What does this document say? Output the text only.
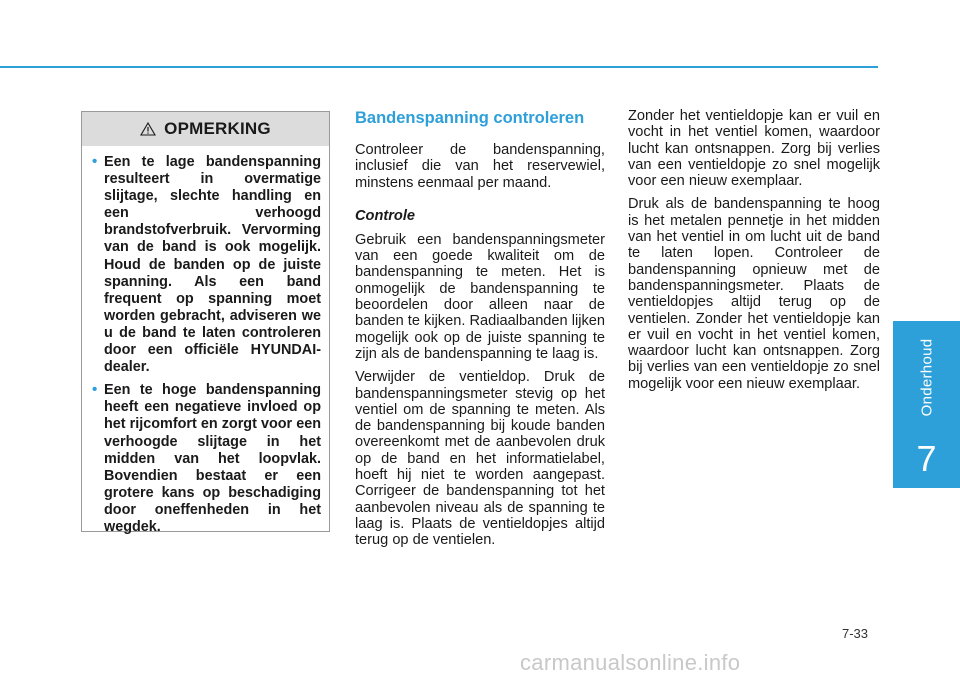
OPMERKING
• Een te lage bandenspanning resulteert in overmatige slijtage, slechte handling en een verhoogd brandstofverbruik. Vervorming van de band is ook mogelijk. Houd de banden op de juiste spanning. Als een band frequent op spanning moet worden gebracht, adviseren we u de band te laten controleren door een officiële HYUNDAI-dealer.
• Een te hoge bandenspanning heeft een negatieve invloed op het rijcomfort en zorgt voor een verhoogde slijtage in het midden van het loopvlak. Bovendien bestaat er een grotere kans op beschadiging door oneffenheden in het wegdek.
Bandenspanning controleren

Controleer de bandenspanning, inclusief die van het reservewiel, minstens eenmaal per maand.

Controle

Gebruik een bandenspanningsmeter van een goede kwaliteit om de bandenspanning te meten. Het is onmogelijk de bandenspanning te beoordelen door alleen naar de banden te kijken. Radiaalbanden lijken mogelijk ook op de juiste spanning te zijn als de bandenspanning te laag is.

Verwijder de ventieldop. Druk de bandenspanningsmeter stevig op het ventiel om de spanning te meten. Als de bandenspanning bij koude banden overeenkomt met de aanbevolen druk op de band en het informatielabel, hoeft hij niet te worden aangepast. Corrigeer de bandenspanning tot het aanbevolen niveau als de spanning te laag is. Plaats de ventieldopjes altijd terug op de ventielen.

Zonder het ventieldopje kan er vuil en vocht in het ventiel komen, waardoor lucht kan ontsnappen. Zorg bij verlies van een ventieldopje zo snel mogelijk voor een nieuw exemplaar.

Druk als de bandenspanning te hoog is het metalen pennetje in het midden van het ventiel in om lucht uit de band te laten lopen. Controleer de bandenspanning opnieuw met de bandenspanningsmeter. Plaats de ventieldopjes altijd terug op de ventielen. Zonder het ventieldopje kan er vuil en vocht in het ventiel komen, waardoor lucht kan ontsnappen. Zorg bij verlies van een ventieldopje zo snel mogelijk voor een nieuw exemplaar.	Onderhoud
7
7-33
carmanualsonline.info
